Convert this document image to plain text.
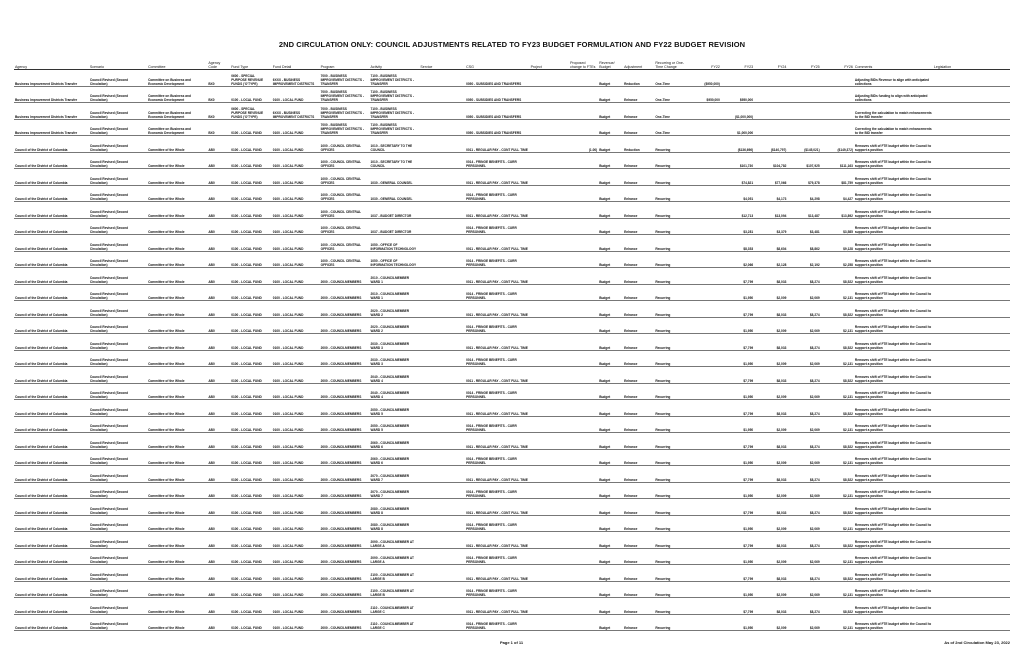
2ND CIRCULATION ONLY: COUNCIL ADJUSTMENTS RELATED TO FY23 BUDGET FORMULATION AND FY22 BUDGET REVISION
Agency	Scenario	Committee	Agency Code	Fund Type	Fund Detail	Program	Activity	Service	CSG	Project	Proposed change to FTEs	Revenue/ Budget	Adjustment	Recurring or One-Time Change	FY22	FY23	FY24	FY25	FY26	Comments	Legislation	
Business Improvement Districts Transfer	Council Revised (Second Circulation)	Committee on Business and Economic Development	BX0	0600 - SPECIAL PURPOSE REVENUE FUNDS ('O'TYPE)	6XXX - BUSINESS IMPROVEMENT DISTRICTS	7000 - BUSINESS IMPROVEMENT DISTRICTS - TRANSFER	7100 - BUSINESS IMPROVEMENT DISTRICTS - TRANSFER		0050 - SUBSIDIES AND TRANSFERS			Budget	Reduction	One-Time	($950,000)					Adjusting BIDs Revenue to align with anticipated collections		
Business Improvement Districts Transfer	Council Revised (Second Circulation)	Committee on Business and Economic Development	BX0	0100 - LOCAL FUND	0100 - LOCAL FUND	7000 - BUSINESS IMPROVEMENT DISTRICTS - TRANSFER	7100 - BUSINESS IMPROVEMENT DISTRICTS - TRANSFER		0050 - SUBSIDIES AND TRANSFERS			Budget	Enhance	One-Time	$950,000	$950,000				Adjusting BIDs funding to align with anticipated collections		
Business Improvement Districts Transfer	Council Revised (Second Circulation)	Committee on Business and Economic Development	BX0	0600 - SPECIAL PURPOSE REVENUE FUNDS ('O'TYPE)	6XXX - BUSINESS IMPROVEMENT DISTRICTS	7000 - BUSINESS IMPROVEMENT DISTRICTS - TRANSFER	7100 - BUSINESS IMPROVEMENT DISTRICTS - TRANSFER		0050 - SUBSIDIES AND TRANSFERS			Budget	Enhance	One-Time		($1,000,000)				Correcting the calculation to match enhancements to the BID transfer		
Business Improvement Districts Transfer	Council Revised (Second Circulation)	Committee on Business and Economic Development	BX0	0100 - LOCAL FUND	0100 - LOCAL FUND	7000 - BUSINESS IMPROVEMENT DISTRICTS - TRANSFER	7100 - BUSINESS IMPROVEMENT DISTRICTS - TRANSFER		0050 - SUBSIDIES AND TRANSFERS			Budget	Enhance	One-Time		$1,000,000				Correcting the calculation to match enhancements to the BID transfer		
Council of the District of Columbia	Council Revised (Second Circulation)	Committee of the Whole	AB0	0100 - LOCAL FUND	0100 - LOCAL FUND	1000 - COUNCIL CENTRAL OFFICES	1010 - SECRETARY TO THE COUNCIL		0011 - REGULAR PAY - CONT FULL TIME		(1.00)	Budget	Reduction	Recurring		($136,696)	($140,797)	($145,021)	($149,372)	Removes shift of FTE budget within the Council to support a position		
Council of the District of Columbia	Council Revised (Second Circulation)	Committee of the Whole	AB0	0100 - LOCAL FUND	0100 - LOCAL FUND	1000 - COUNCIL CENTRAL OFFICES	1010 - SECRETARY TO THE COUNCIL		0014 - FRINGE BENEFITS - CURR PERSONNEL			Budget	Enhance	Recurring		$101,730	$104,782	$107,925	$111,163	Removes shift of FTE budget within the Council to support a position		
Council of the District of Columbia	Council Revised (Second Circulation)	Committee of the Whole	AB0	0100 - LOCAL FUND	0100 - LOCAL FUND	1000 - COUNCIL CENTRAL OFFICES	1030 - GENERAL COUNSEL		0011 - REGULAR PAY - CONT FULL TIME			Budget	Enhance	Recurring		$74,821	$77,066	$79,378	$81,759	Removes shift of FTE budget within the Council to support a position		
Council of the District of Columbia	Council Revised (Second Circulation)	Committee of the Whole	AB0	0100 - LOCAL FUND	0100 - LOCAL FUND	1000 - COUNCIL CENTRAL OFFICES	1030 - GENERAL COUNSEL		0014 - FRINGE BENEFITS - CURR PERSONNEL			Budget	Enhance	Recurring		$4,051	$4,173	$4,298	$4,427	Removes shift of FTE budget within the Council to support a position		
Council of the District of Columbia	Council Revised (Second Circulation)	Committee of the Whole	AB0	0100 - LOCAL FUND	0100 - LOCAL FUND	1000 - COUNCIL CENTRAL OFFICES	1037 - BUDGET DIRECTOR		0011 - REGULAR PAY - CONT FULL TIME			Budget	Enhance	Recurring		$12,713	$13,094	$13,487	$13,892	Removes shift of FTE budget within the Council to support a position		
Council of the District of Columbia	Council Revised (Second Circulation)	Committee of the Whole	AB0	0100 - LOCAL FUND	0100 - LOCAL FUND	1000 - COUNCIL CENTRAL OFFICES	1037 - BUDGET DIRECTOR		0014 - FRINGE BENEFITS - CURR PERSONNEL			Budget	Enhance	Recurring		$3,281	$3,379	$3,481	$3,585	Removes shift of FTE budget within the Council to support a position		
Council of the District of Columbia	Council Revised (Second Circulation)	Committee of the Whole	AB0	0100 - LOCAL FUND	0100 - LOCAL FUND	1000 - COUNCIL CENTRAL OFFICES	1050 - OFFICE OF INFORMATION TECHNOLOGY		0011 - REGULAR PAY - CONT FULL TIME			Budget	Enhance	Recurring		$8,353	$8,604	$8,862	$9,128	Removes shift of FTE budget within the Council to support a position		
Council of the District of Columbia	Council Revised (Second Circulation)	Committee of the Whole	AB0	0100 - LOCAL FUND	0100 - LOCAL FUND	1000 - COUNCIL CENTRAL OFFICES	1050 - OFFICE OF INFORMATION TECHNOLOGY		0014 - FRINGE BENEFITS - CURR PERSONNEL			Budget	Enhance	Recurring		$2,066	$2,128	$2,192	$2,258	Removes shift of FTE budget within the Council to support a position		
Council of the District of Columbia	Council Revised (Second Circulation)	Committee of the Whole	AB0	0100 - LOCAL FUND	0100 - LOCAL FUND	2000 - COUNCILMEMBERS	2010 - COUNCILMEMBER WARD 1		0011 - REGULAR PAY - CONT FULL TIME			Budget	Enhance	Recurring		$7,799	$8,033	$8,274	$8,522	Removes shift of FTE budget within the Council to support a position		
Council of the District of Columbia	Council Revised (Second Circulation)	Committee of the Whole	AB0	0100 - LOCAL FUND	0100 - LOCAL FUND	2000 - COUNCILMEMBERS	2010 - COUNCILMEMBER WARD 1		0014 - FRINGE BENEFITS - CURR PERSONNEL			Budget	Enhance	Recurring		$1,950	$2,009	$2,069	$2,131	Removes shift of FTE budget within the Council to support a position		
Council of the District of Columbia	Council Revised (Second Circulation)	Committee of the Whole	AB0	0100 - LOCAL FUND	0100 - LOCAL FUND	2000 - COUNCILMEMBERS	2020 - COUNCILMEMBER WARD 2		0011 - REGULAR PAY - CONT FULL TIME			Budget	Enhance	Recurring		$7,799	$8,033	$8,274	$8,522	Removes shift of FTE budget within the Council to support a position		
Council of the District of Columbia	Council Revised (Second Circulation)	Committee of the Whole	AB0	0100 - LOCAL FUND	0100 - LOCAL FUND	2000 - COUNCILMEMBERS	2020 - COUNCILMEMBER WARD 2		0014 - FRINGE BENEFITS - CURR PERSONNEL			Budget	Enhance	Recurring		$1,950	$2,009	$2,069	$2,131	Removes shift of FTE budget within the Council to support a position		
Council of the District of Columbia	Council Revised (Second Circulation)	Committee of the Whole	AB0	0100 - LOCAL FUND	0100 - LOCAL FUND	2000 - COUNCILMEMBERS	2030 - COUNCILMEMBER WARD 3		0011 - REGULAR PAY - CONT FULL TIME			Budget	Enhance	Recurring		$7,799	$8,033	$8,274	$8,522	Removes shift of FTE budget within the Council to support a position		
Council of the District of Columbia	Council Revised (Second Circulation)	Committee of the Whole	AB0	0100 - LOCAL FUND	0100 - LOCAL FUND	2000 - COUNCILMEMBERS	2030 - COUNCILMEMBER WARD 3		0014 - FRINGE BENEFITS - CURR PERSONNEL			Budget	Enhance	Recurring		$1,950	$2,009	$2,069	$2,131	Removes shift of FTE budget within the Council to support a position		
Council of the District of Columbia	Council Revised (Second Circulation)	Committee of the Whole	AB0	0100 - LOCAL FUND	0100 - LOCAL FUND	2000 - COUNCILMEMBERS	2040 - COUNCILMEMBER WARD 4		0011 - REGULAR PAY - CONT FULL TIME			Budget	Enhance	Recurring		$7,799	$8,033	$8,274	$8,522	Removes shift of FTE budget within the Council to support a position		
Council of the District of Columbia	Council Revised (Second Circulation)	Committee of the Whole	AB0	0100 - LOCAL FUND	0100 - LOCAL FUND	2000 - COUNCILMEMBERS	2040 - COUNCILMEMBER WARD 4		0014 - FRINGE BENEFITS - CURR PERSONNEL			Budget	Enhance	Recurring		$1,950	$2,009	$2,069	$2,131	Removes shift of FTE budget within the Council to support a position		
Council of the District of Columbia	Council Revised (Second Circulation)	Committee of the Whole	AB0	0100 - LOCAL FUND	0100 - LOCAL FUND	2000 - COUNCILMEMBERS	2050 - COUNCILMEMBER WARD 5		0011 - REGULAR PAY - CONT FULL TIME			Budget	Enhance	Recurring		$7,799	$8,033	$8,274	$8,522	Removes shift of FTE budget within the Council to support a position		
Council of the District of Columbia	Council Revised (Second Circulation)	Committee of the Whole	AB0	0100 - LOCAL FUND	0100 - LOCAL FUND	2000 - COUNCILMEMBERS	2050 - COUNCILMEMBER WARD 5		0014 - FRINGE BENEFITS - CURR PERSONNEL			Budget	Enhance	Recurring		$1,950	$2,009	$2,069	$2,131	Removes shift of FTE budget within the Council to support a position		
Council of the District of Columbia	Council Revised (Second Circulation)	Committee of the Whole	AB0	0100 - LOCAL FUND	0100 - LOCAL FUND	2000 - COUNCILMEMBERS	2060 - COUNCILMEMBER WARD 6		0011 - REGULAR PAY - CONT FULL TIME			Budget	Enhance	Recurring		$7,799	$8,033	$8,274	$8,522	Removes shift of FTE budget within the Council to support a position		
Council of the District of Columbia	Council Revised (Second Circulation)	Committee of the Whole	AB0	0100 - LOCAL FUND	0100 - LOCAL FUND	2000 - COUNCILMEMBERS	2060 - COUNCILMEMBER WARD 6		0014 - FRINGE BENEFITS - CURR PERSONNEL			Budget	Enhance	Recurring		$1,950	$2,009	$2,069	$2,131	Removes shift of FTE budget within the Council to support a position		
Council of the District of Columbia	Council Revised (Second Circulation)	Committee of the Whole	AB0	0100 - LOCAL FUND	0100 - LOCAL FUND	2000 - COUNCILMEMBERS	2070 - COUNCILMEMBER WARD 7		0011 - REGULAR PAY - CONT FULL TIME			Budget	Enhance	Recurring		$7,799	$8,033	$8,274	$8,522	Removes shift of FTE budget within the Council to support a position		
Council of the District of Columbia	Council Revised (Second Circulation)	Committee of the Whole	AB0	0100 - LOCAL FUND	0100 - LOCAL FUND	2000 - COUNCILMEMBERS	2070 - COUNCILMEMBER WARD 7		0014 - FRINGE BENEFITS - CURR PERSONNEL			Budget	Enhance	Recurring		$1,950	$2,009	$2,069	$2,131	Removes shift of FTE budget within the Council to support a position		
Council of the District of Columbia	Council Revised (Second Circulation)	Committee of the Whole	AB0	0100 - LOCAL FUND	0100 - LOCAL FUND	2000 - COUNCILMEMBERS	2080 - COUNCILMEMBER WARD 8		0011 - REGULAR PAY - CONT FULL TIME			Budget	Enhance	Recurring		$7,799	$8,033	$8,274	$8,522	Removes shift of FTE budget within the Council to support a position		
Council of the District of Columbia	Council Revised (Second Circulation)	Committee of the Whole	AB0	0100 - LOCAL FUND	0100 - LOCAL FUND	2000 - COUNCILMEMBERS	2080 - COUNCILMEMBER WARD 8		0014 - FRINGE BENEFITS - CURR PERSONNEL			Budget	Enhance	Recurring		$1,950	$2,009	$2,069	$2,131	Removes shift of FTE budget within the Council to support a position		
Council of the District of Columbia	Council Revised (Second Circulation)	Committee of the Whole	AB0	0100 - LOCAL FUND	0100 - LOCAL FUND	2000 - COUNCILMEMBERS	2090 - COUNCILMEMBER AT LARGE A		0011 - REGULAR PAY - CONT FULL TIME			Budget	Enhance	Recurring		$7,799	$8,033	$8,274	$8,522	Removes shift of FTE budget within the Council to support a position		
Council of the District of Columbia	Council Revised (Second Circulation)	Committee of the Whole	AB0	0100 - LOCAL FUND	0100 - LOCAL FUND	2000 - COUNCILMEMBERS	2090 - COUNCILMEMBER AT LARGE A		0014 - FRINGE BENEFITS - CURR PERSONNEL			Budget	Enhance	Recurring		$1,950	$2,009	$2,069	$2,131	Removes shift of FTE budget within the Council to support a position		
Council of the District of Columbia	Council Revised (Second Circulation)	Committee of the Whole	AB0	0100 - LOCAL FUND	0100 - LOCAL FUND	2000 - COUNCILMEMBERS	2100 - COUNCILMEMBER AT LARGE B		0011 - REGULAR PAY - CONT FULL TIME			Budget	Enhance	Recurring		$7,799	$8,033	$8,274	$8,522	Removes shift of FTE budget within the Council to support a position		
Council of the District of Columbia	Council Revised (Second Circulation)	Committee of the Whole	AB0	0100 - LOCAL FUND	0100 - LOCAL FUND	2000 - COUNCILMEMBERS	2100 - COUNCILMEMBER AT LARGE B		0014 - FRINGE BENEFITS - CURR PERSONNEL			Budget	Enhance	Recurring		$1,950	$2,009	$2,069	$2,131	Removes shift of FTE budget within the Council to support a position		
Council of the District of Columbia	Council Revised (Second Circulation)	Committee of the Whole	AB0	0100 - LOCAL FUND	0100 - LOCAL FUND	2000 - COUNCILMEMBERS	2110 - COUNCILMEMBER AT LARGE C		0011 - REGULAR PAY - CONT FULL TIME			Budget	Enhance	Recurring		$7,799	$8,033	$8,274	$8,522	Removes shift of FTE budget within the Council to support a position		
Council of the District of Columbia	Council Revised (Second Circulation)	Committee of the Whole	AB0	0100 - LOCAL FUND	0100 - LOCAL FUND	2000 - COUNCILMEMBERS	2110 - COUNCILMEMBER AT LARGE C		0014 - FRINGE BENEFITS - CURR PERSONNEL			Budget	Enhance	Recurring		$1,950	$2,009	$2,069	$2,131	Removes shift of FTE budget within the Council to support a position		
Page 1 of 11	As of 2nd Circulation May 23, 2022
